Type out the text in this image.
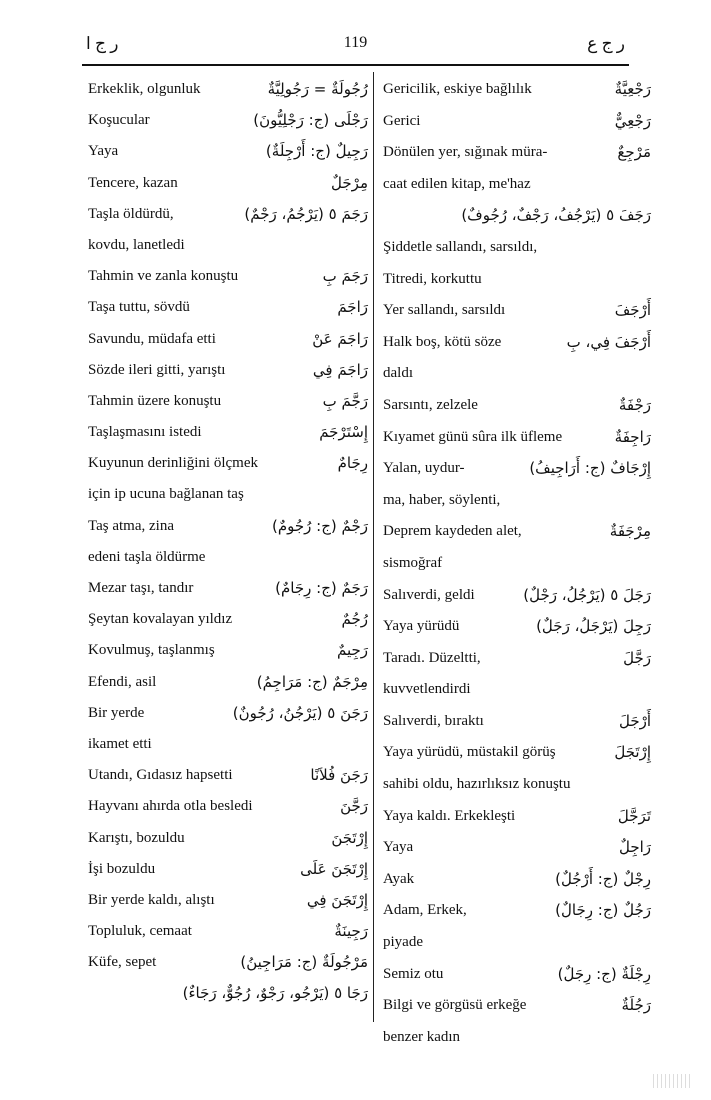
ر ج ا	119	ر ج ع
Erkeklik, olgunluk	رُجُولَةٌ = رَجُولِيَّةٌ
Koşucular	رَجْلَى (ج: رَجْلِيُّونَ)
Yaya	رَجِيلٌ (ج: أَرْجِلَةٌ)
Tencere, kazan	مِرْجَلٌ
Taşla öldürdü,	رَجَمَ ٥ (يَرْجُمُ، رَجْمٌ)
kovdu, lanetledi
Tahmin ve zanla konuştu	رَجَمَ بِ
Taşa tuttu, sövdü	رَاجَمَ
Savundu, müdafa etti	رَاجَمَ عَنْ
Sözde ileri gitti, yarıştı	رَاجَمَ فِي
Tahmin üzere konuştu	رَجَّمَ بِ
Taşlaşmasını istedi	إِسْتَرْجَمَ
Kuyunun derinliğini ölçmek	رِجَامٌ
için ip ucuna bağlanan taş
Taş atma, zina	رَجْمٌ (ج: رُجُومٌ)
edeni taşla öldürme
Mezar taşı, tandır	رَجَمٌ (ج: رِجَامٌ)
Şeytan kovalayan yıldız	رُجُمٌ
Kovulmuş, taşlanmış	رَجِيمٌ
Efendi, asil	مِرْجَمٌ (ج: مَرَاجِمُ)
Bir yerde	رَجَنَ ٥ (يَرْجُنُ، رُجُونٌ)
ikamet etti
Utandı, Gıdasız hapsetti	رَجَنَ فُلاَنًا
Hayvanı ahırda otla besledi	رَجَّنَ
Karıştı, bozuldu	إِرْتَجَنَ
İşi bozuldu	إِرْتَجَنَ عَلَى
Bir yerde kaldı, alıştı	إِرْتَجَنَ فِي
Topluluk, cemaat	رَجِينَةٌ
Küfe, sepet	مَرْجُولَةٌ (ج: مَرَاجِينُ)
رَجَا ٥ (يَرْجُو، رَجْوٌ، رُجُوٌّ، رَجَاءٌ)
Gericilik, eskiye bağlılık	رَجْعِيَّةٌ
Gerici	رَجْعِيٌّ
Dönülen yer, sığınak müra-	مَرْجِعٌ
caat edilen kitap, me'haz
رَجَفَ ٥ (يَرْجُفُ، رَجْفٌ، رُجُوفٌ)
Şiddetle sallandı, sarsıldı,
Titredi, korkuttu
Yer sallandı, sarsıldı	أَرْجَفَ
Halk boş, kötü söze	أَرْجَفَ فِي، بِ
daldı
Sarsıntı, zelzele	رَجْفَةٌ
Kıyamet günü sûra ilk üfleme	رَاجِفَةٌ
Yalan, uydur-	إِرْجَافٌ (ج: أَرَاجِيفُ)
ma, haber, söylenti,
Deprem kaydeden alet,	مِرْجَفَةٌ
sismoğraf
Salıverdi, geldi	رَجَلَ ٥ (يَرْجُلُ، رَجْلٌ)
Yaya yürüdü	رَجِلَ (يَرْجَلُ، رَجَلٌ)
Taradı. Düzeltti,	رَجَّلَ
kuvvetlendirdi
Salıverdi, bıraktı	أَرْجَلَ
Yaya yürüdü, müstakil görüş	إِرْتَجَلَ
sahibi oldu, hazırlıksız konuştu
Yaya kaldı. Erkekleşti	تَرَجَّلَ
Yaya	رَاجِلٌ
Ayak	رِجْلٌ (ج: أَرْجُلٌ)
Adam, Erkek,	رَجُلٌ (ج: رِجَالٌ)
piyade
Semiz otu	رِجْلَةٌ (ج: رِجَلٌ)
Bilgi ve görgüsü erkeğe	رَجُلَةٌ
benzer kadın
